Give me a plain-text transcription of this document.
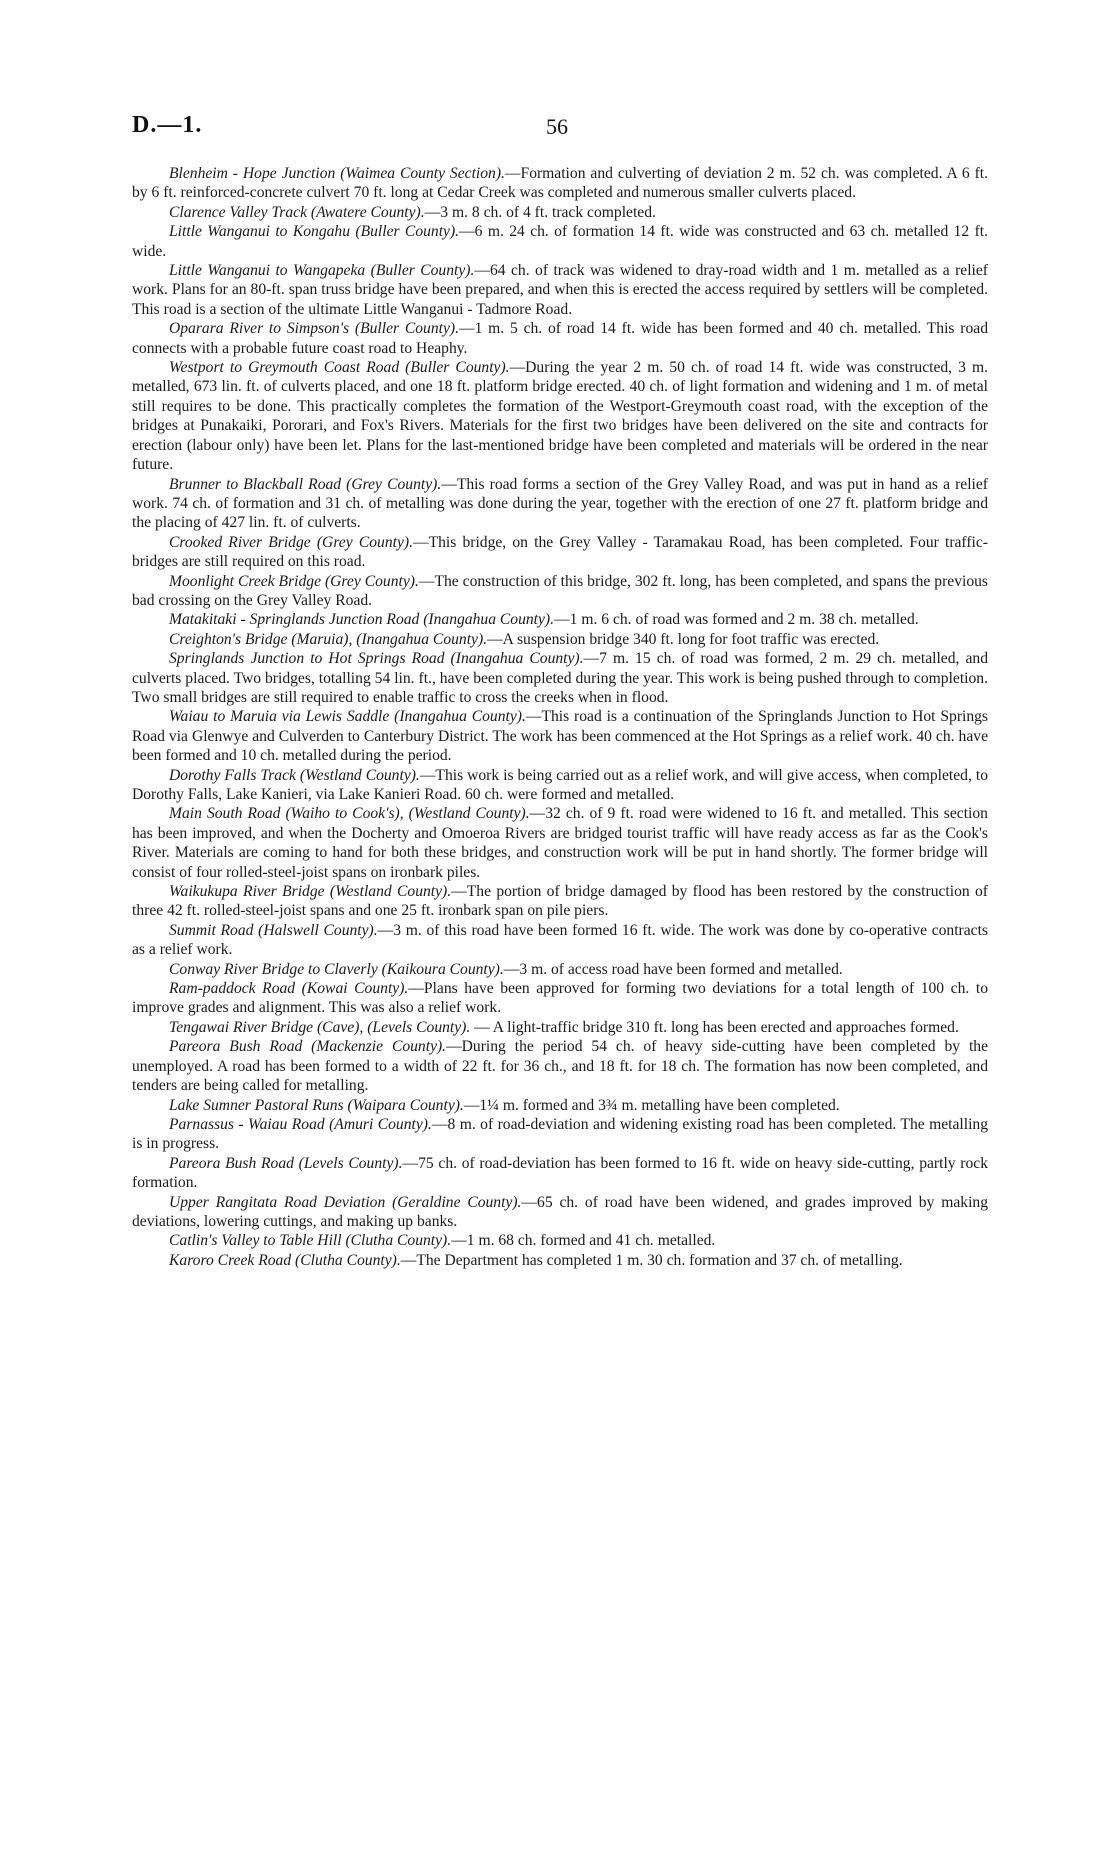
D.—1.	56

Blenheim - Hope Junction (Waimea County Section).—Formation and culverting of deviation 2 m. 52 ch. was completed. A 6 ft. by 6 ft. reinforced-concrete culvert 70 ft. long at Cedar Creek was completed and numerous smaller culverts placed.

Clarence Valley Track (Awatere County).—3 m. 8 ch. of 4 ft. track completed.

Little Wanganui to Kongahu (Buller County).—6 m. 24 ch. of formation 14 ft. wide was constructed and 63 ch. metalled 12 ft. wide.

Little Wanganui to Wangapeka (Buller County).—64 ch. of track was widened to dray-road width and 1 m. metalled as a relief work. Plans for an 80-ft. span truss bridge have been prepared, and when this is erected the access required by settlers will be completed. This road is a section of the ultimate Little Wanganui - Tadmore Road.

Oparara River to Simpson's (Buller County).—1 m. 5 ch. of road 14 ft. wide has been formed and 40 ch. metalled. This road connects with a probable future coast road to Heaphy.

Westport to Greymouth Coast Road (Buller County).—During the year 2 m. 50 ch. of road 14 ft. wide was constructed, 3 m. metalled, 673 lin. ft. of culverts placed, and one 18 ft. platform bridge erected. 40 ch. of light formation and widening and 1 m. of metal still requires to be done. This practically completes the formation of the Westport-Greymouth coast road, with the exception of the bridges at Punakaiki, Pororari, and Fox's Rivers. Materials for the first two bridges have been delivered on the site and contracts for erection (labour only) have been let. Plans for the last-mentioned bridge have been completed and materials will be ordered in the near future.

Brunner to Blackball Road (Grey County).—This road forms a section of the Grey Valley Road, and was put in hand as a relief work. 74 ch. of formation and 31 ch. of metalling was done during the year, together with the erection of one 27 ft. platform bridge and the placing of 427 lin. ft. of culverts.

Crooked River Bridge (Grey County).—This bridge, on the Grey Valley - Taramakau Road, has been completed. Four traffic-bridges are still required on this road.

Moonlight Creek Bridge (Grey County).—The construction of this bridge, 302 ft. long, has been completed, and spans the previous bad crossing on the Grey Valley Road.

Matakitaki - Springlands Junction Road (Inangahua County).—1 m. 6 ch. of road was formed and 2 m. 38 ch. metalled.

Creighton's Bridge (Maruia), (Inangahua County).—A suspension bridge 340 ft. long for foot traffic was erected.

Springlands Junction to Hot Springs Road (Inangahua County).—7 m. 15 ch. of road was formed, 2 m. 29 ch. metalled, and culverts placed. Two bridges, totalling 54 lin. ft., have been completed during the year. This work is being pushed through to completion. Two small bridges are still required to enable traffic to cross the creeks when in flood.

Waiau to Maruia via Lewis Saddle (Inangahua County).—This road is a continuation of the Springlands Junction to Hot Springs Road via Glenwye and Culverden to Canterbury District. The work has been commenced at the Hot Springs as a relief work. 40 ch. have been formed and 10 ch. metalled during the period.

Dorothy Falls Track (Westland County).—This work is being carried out as a relief work, and will give access, when completed, to Dorothy Falls, Lake Kanieri, via Lake Kanieri Road. 60 ch. were formed and metalled.

Main South Road (Waiho to Cook's), (Westland County).—32 ch. of 9 ft. road were widened to 16 ft. and metalled. This section has been improved, and when the Docherty and Omoeroa Rivers are bridged tourist traffic will have ready access as far as the Cook's River. Materials are coming to hand for both these bridges, and construction work will be put in hand shortly. The former bridge will consist of four rolled-steel-joist spans on ironbark piles.

Waikukupa River Bridge (Westland County).—The portion of bridge damaged by flood has been restored by the construction of three 42 ft. rolled-steel-joist spans and one 25 ft. ironbark span on pile piers.

Summit Road (Halswell County).—3 m. of this road have been formed 16 ft. wide. The work was done by co-operative contracts as a relief work.

Conway River Bridge to Claverly (Kaikoura County).—3 m. of access road have been formed and metalled.

Ram-paddock Road (Kowai County).—Plans have been approved for forming two deviations for a total length of 100 ch. to improve grades and alignment. This was also a relief work.

Tengawai River Bridge (Cave), (Levels County). — A light-traffic bridge 310 ft. long has been erected and approaches formed.

Pareora Bush Road (Mackenzie County).—During the period 54 ch. of heavy side-cutting have been completed by the unemployed. A road has been formed to a width of 22 ft. for 36 ch., and 18 ft. for 18 ch. The formation has now been completed, and tenders are being called for metalling.

Lake Sumner Pastoral Runs (Waipara County).—1¼ m. formed and 3¾ m. metalling have been completed.

Parnassus - Waiau Road (Amuri County).—8 m. of road-deviation and widening existing road has been completed. The metalling is in progress.

Pareora Bush Road (Levels County).—75 ch. of road-deviation has been formed to 16 ft. wide on heavy side-cutting, partly rock formation.

Upper Rangitata Road Deviation (Geraldine County).—65 ch. of road have been widened, and grades improved by making deviations, lowering cuttings, and making up banks.

Catlin's Valley to Table Hill (Clutha County).—1 m. 68 ch. formed and 41 ch. metalled.

Karoro Creek Road (Clutha County).—The Department has completed 1 m. 30 ch. formation and 37 ch. of metalling.
